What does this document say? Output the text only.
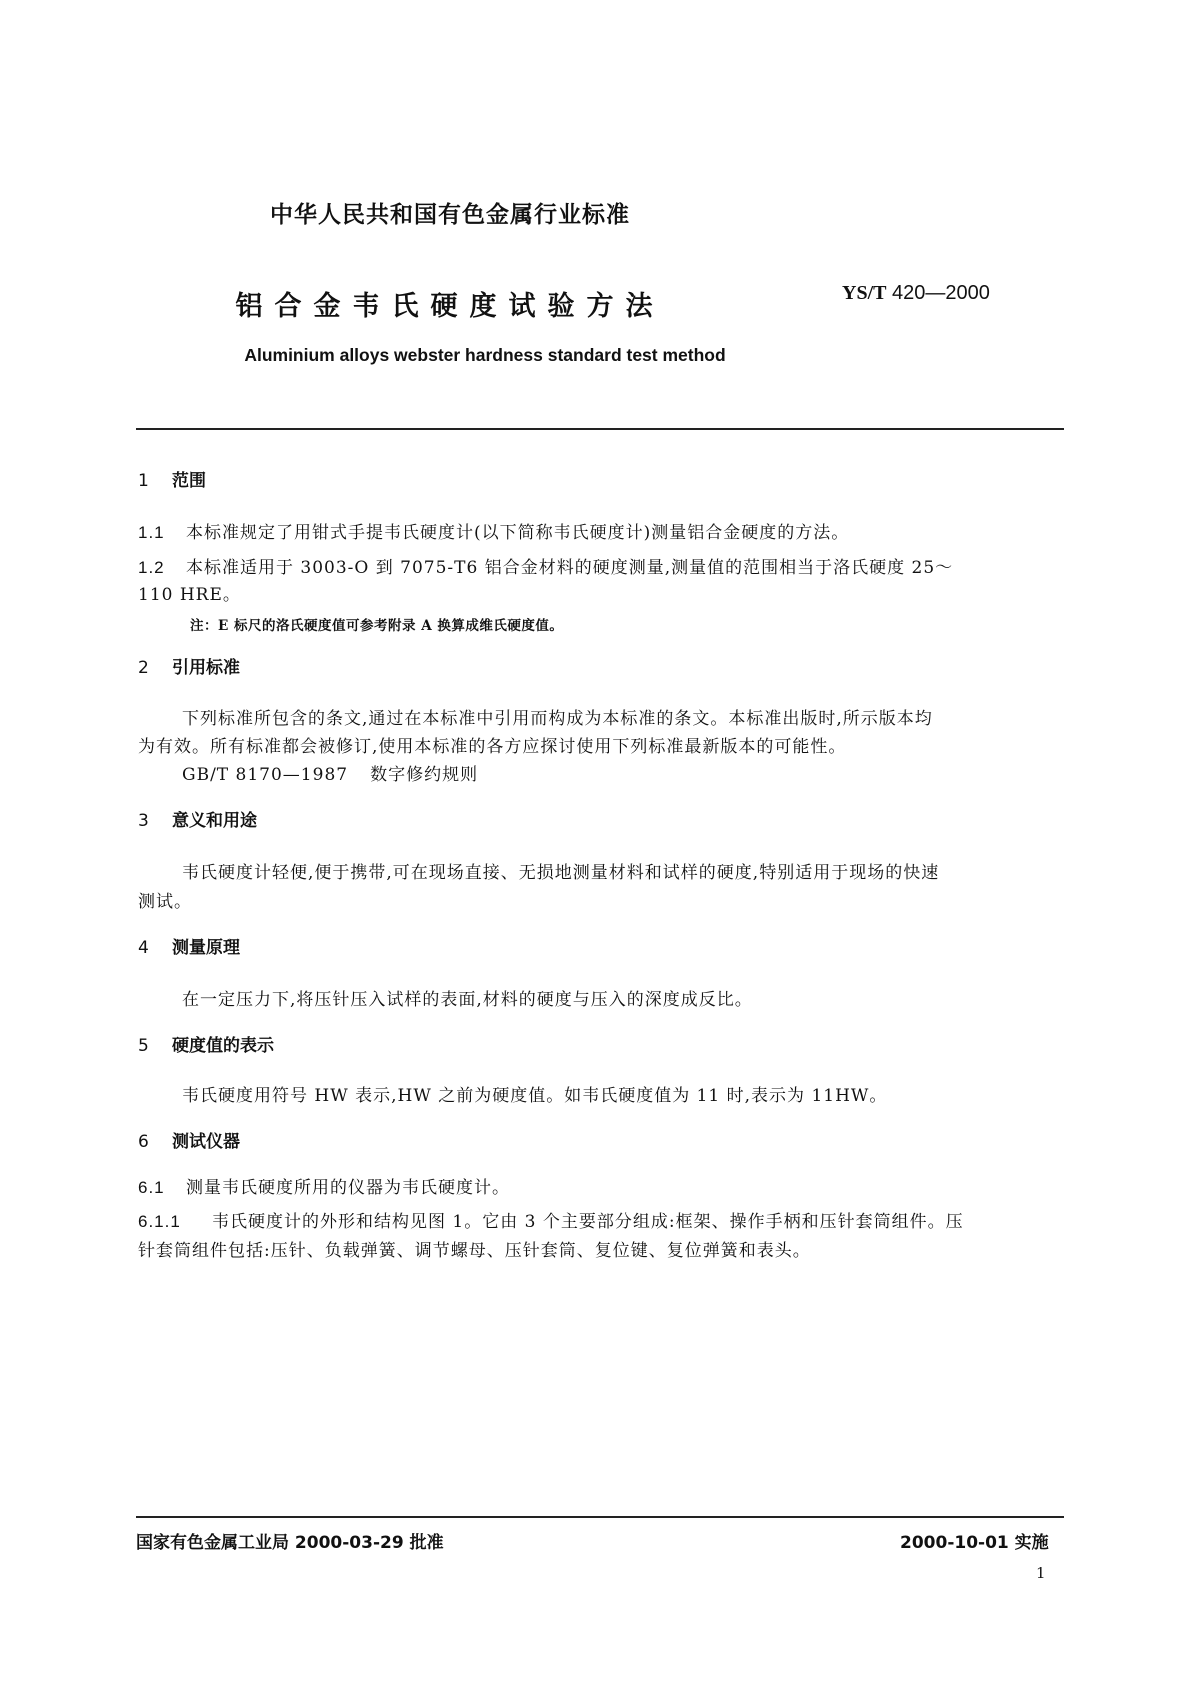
中华人民共和国有色金属行业标准
铝合金韦氏硬度试验方法	YS/T 420—2000
Aluminium alloys webster hardness standard test method
1 范围
1.1 本标准规定了用钳式手提韦氏硬度计(以下简称韦氏硬度计)测量铝合金硬度的方法。
1.2 本标准适用于 3003-O 到 7075-T6 铝合金材料的硬度测量,测量值的范围相当于洛氏硬度 25～
110 HRE。
注：E 标尺的洛氏硬度值可参考附录 A 换算成维氏硬度值。
2 引用标准
下列标准所包含的条文,通过在本标准中引用而构成为本标准的条文。本标准出版时,所示版本均
为有效。所有标准都会被修订,使用本标准的各方应探讨使用下列标准最新版本的可能性。
GB/T 8170—1987 数字修约规则
3 意义和用途
韦氏硬度计轻便,便于携带,可在现场直接、无损地测量材料和试样的硬度,特别适用于现场的快速
测试。
4 测量原理
在一定压力下,将压针压入试样的表面,材料的硬度与压入的深度成反比。
5 硬度值的表示
韦氏硬度用符号 HW 表示,HW 之前为硬度值。如韦氏硬度值为 11 时,表示为 11HW。
6 测试仪器
6.1 测量韦氏硬度所用的仪器为韦氏硬度计。
6.1.1 韦氏硬度计的外形和结构见图 1。它由 3 个主要部分组成:框架、操作手柄和压针套筒组件。压
针套筒组件包括:压针、负载弹簧、调节螺母、压针套筒、复位键、复位弹簧和表头。
国家有色金属工业局 2000-03-29 批准	2000-10-01 实施
1
